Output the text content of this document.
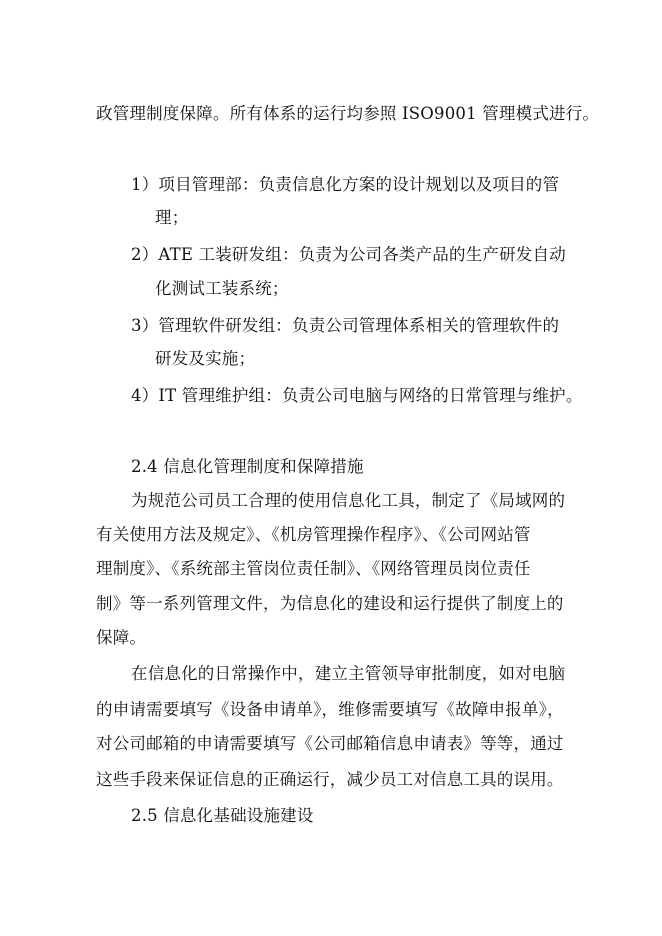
政管理制度保障。所有体系的运行均参照 ISO9001 管理模式进行。
1）项目管理部：负责信息化方案的设计规划以及项目的管
理；
2）ATE 工装研发组：负责为公司各类产品的生产研发自动
化测试工装系统；
3）管理软件研发组：负责公司管理体系相关的管理软件的
研发及实施；
4）IT 管理维护组：负责公司电脑与网络的日常管理与维护。
2.4 信息化管理制度和保障措施
为规范公司员工合理的使用信息化工具，制定了《局域网的
有关使用方法及规定》、《机房管理操作程序》、《公司网站管
理制度》、《系统部主管岗位责任制》、《网络管理员岗位责任
制》等一系列管理文件，为信息化的建设和运行提供了制度上的
保障。
在信息化的日常操作中，建立主管领导审批制度，如对电脑
的申请需要填写《设备申请单》，维修需要填写《故障申报单》，
对公司邮箱的申请需要填写《公司邮箱信息申请表》等等，通过
这些手段来保证信息的正确运行，减少员工对信息工具的误用。
2.5 信息化基础设施建设
